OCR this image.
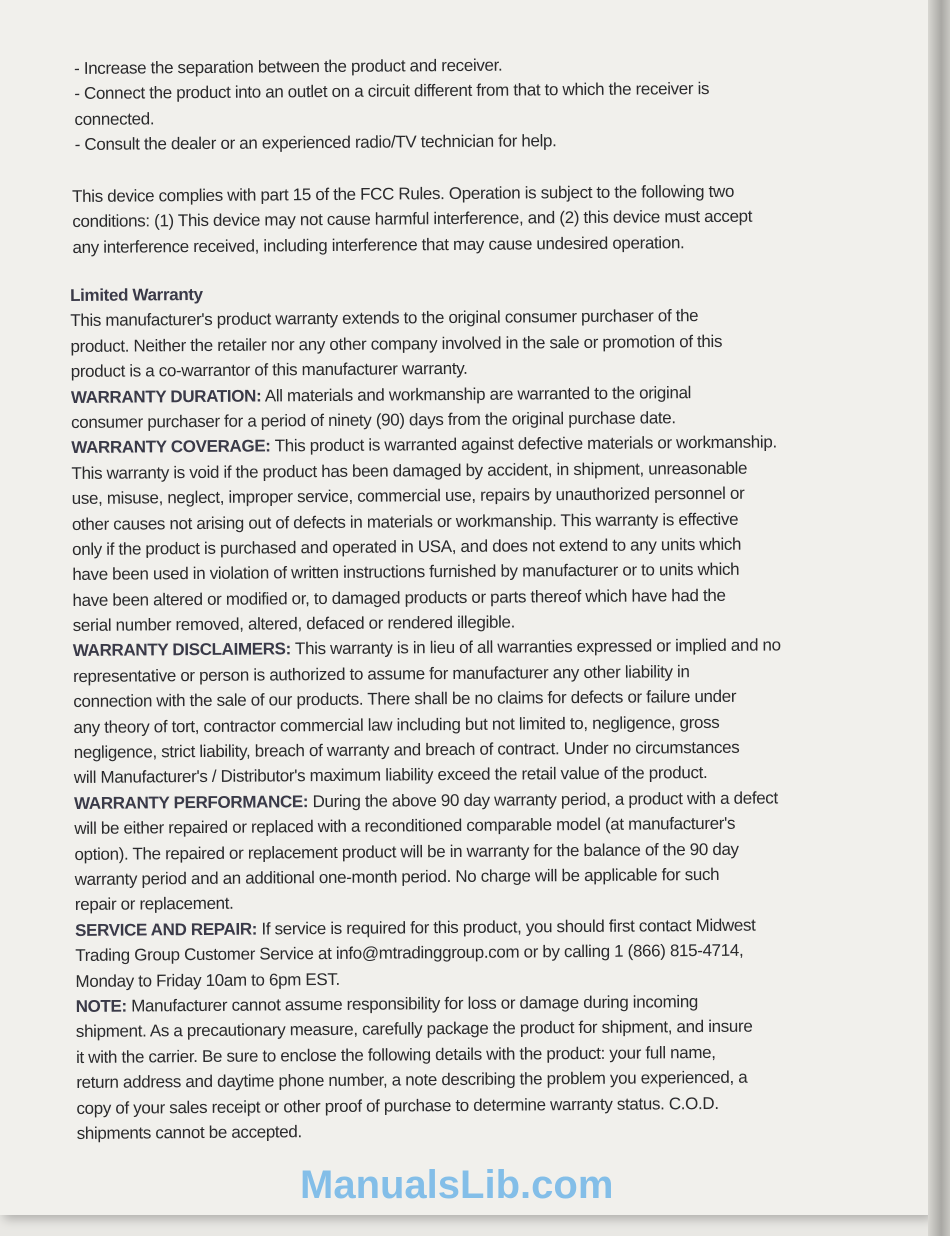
- Increase the separation between the product and receiver.
- Connect the product into an outlet on a circuit different from that to which the receiver is
connected.
- Consult the dealer or an experienced radio/TV technician for help.
This device complies with part 15 of the FCC Rules. Operation is subject to the following two
conditions: (1) This device may not cause harmful interference, and (2) this device must accept
any interference received, including interference that may cause undesired operation.
Limited Warranty
This manufacturer's product warranty extends to the original consumer purchaser of the
product. Neither the retailer nor any other company involved in the sale or promotion of this
product is a co-warrantor of this manufacturer warranty.
WARRANTY DURATION: All materials and workmanship are warranted to the original
consumer purchaser for a period of ninety (90) days from the original purchase date.
WARRANTY COVERAGE: This product is warranted against defective materials or workmanship.
This warranty is void if the product has been damaged by accident, in shipment, unreasonable
use, misuse, neglect, improper service, commercial use, repairs by unauthorized personnel or
other causes not arising out of defects in materials or workmanship. This warranty is effective
only if the product is purchased and operated in USA, and does not extend to any units which
have been used in violation of written instructions furnished by manufacturer or to units which
have been altered or modified or, to damaged products or parts thereof which have had the
serial number removed, altered, defaced or rendered illegible.
WARRANTY DISCLAIMERS: This warranty is in lieu of all warranties expressed or implied and no
representative or person is authorized to assume for manufacturer any other liability in
connection with the sale of our products. There shall be no claims for defects or failure under
any theory of tort, contractor commercial law including but not limited to, negligence, gross
negligence, strict liability, breach of warranty and breach of contract. Under no circumstances
will Manufacturer's / Distributor's maximum liability exceed the retail value of the product.
WARRANTY PERFORMANCE: During the above 90 day warranty period, a product with a defect
will be either repaired or replaced with a reconditioned comparable model (at manufacturer's
option). The repaired or replacement product will be in warranty for the balance of the 90 day
warranty period and an additional one-month period. No charge will be applicable for such
repair or replacement.
SERVICE AND REPAIR: If service is required for this product, you should first contact Midwest
Trading Group Customer Service at info@mtradinggroup.com or by calling 1 (866) 815-4714,
Monday to Friday 10am to 6pm EST.
NOTE: Manufacturer cannot assume responsibility for loss or damage during incoming
shipment. As a precautionary measure, carefully package the product for shipment, and insure
it with the carrier. Be sure to enclose the following details with the product: your full name,
return address and daytime phone number, a note describing the problem you experienced, a
copy of your sales receipt or other proof of purchase to determine warranty status. C.O.D.
shipments cannot be accepted.
ManualsLib.com
